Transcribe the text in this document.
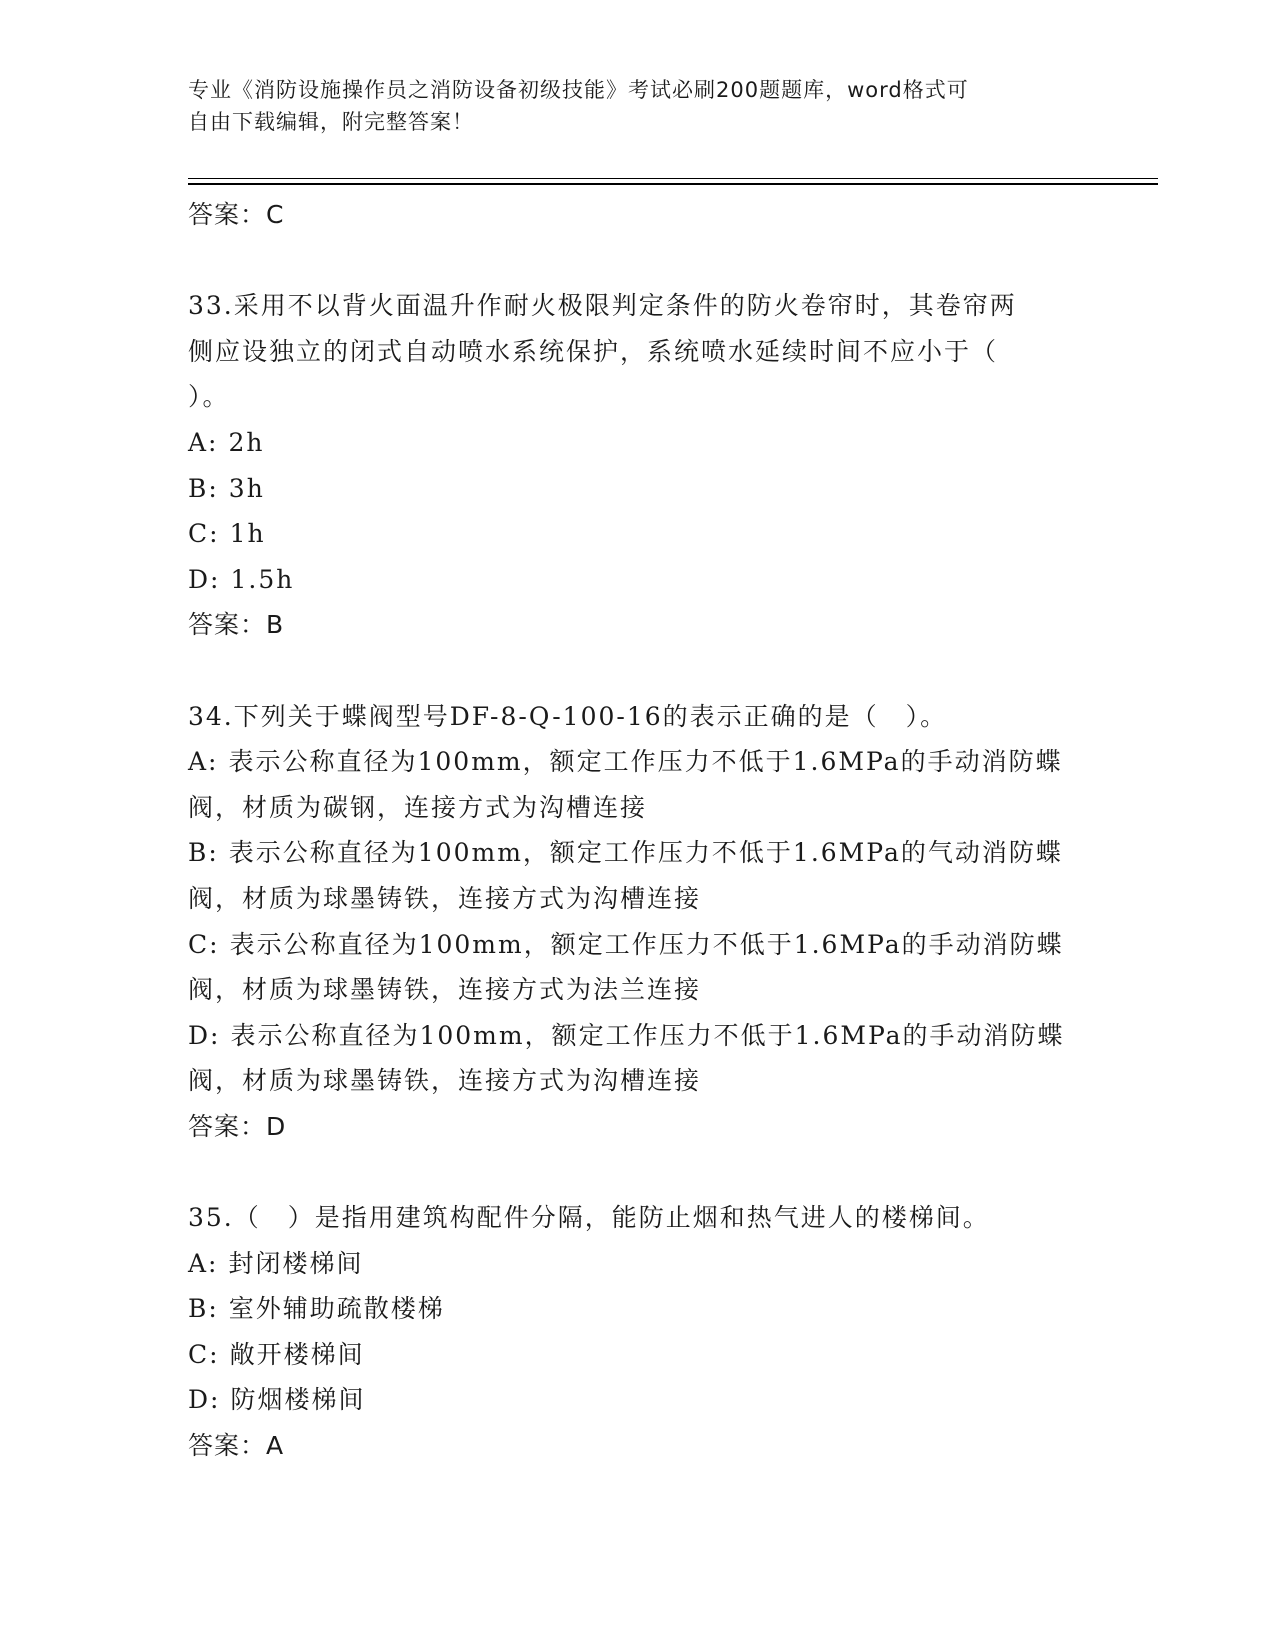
专业《消防设施操作员之消防设备初级技能》考试必刷200题题库，word格式可
自由下载编辑，附完整答案！
答案：C
33.采用不以背火面温升作耐火极限判定条件的防火卷帘时，其卷帘两
侧应设独立的闭式自动喷水系统保护，系统喷水延续时间不应小于（
）。
A: 2h
B: 3h
C: 1h
D: 1.5h
答案：B
34.下列关于蝶阀型号DF-8-Q-100-16的表示正确的是（　）。
A: 表示公称直径为100mm，额定工作压力不低于1.6MPa的手动消防蝶
阀，材质为碳钢，连接方式为沟槽连接
B: 表示公称直径为100mm，额定工作压力不低于1.6MPa的气动消防蝶
阀，材质为球墨铸铁，连接方式为沟槽连接
C: 表示公称直径为100mm，额定工作压力不低于1.6MPa的手动消防蝶
阀，材质为球墨铸铁，连接方式为法兰连接
D: 表示公称直径为100mm，额定工作压力不低于1.6MPa的手动消防蝶
阀，材质为球墨铸铁，连接方式为沟槽连接
答案：D
35.（　）是指用建筑构配件分隔，能防止烟和热气进人的楼梯间。
A: 封闭楼梯间
B: 室外辅助疏散楼梯
C: 敞开楼梯间
D: 防烟楼梯间
答案：A
